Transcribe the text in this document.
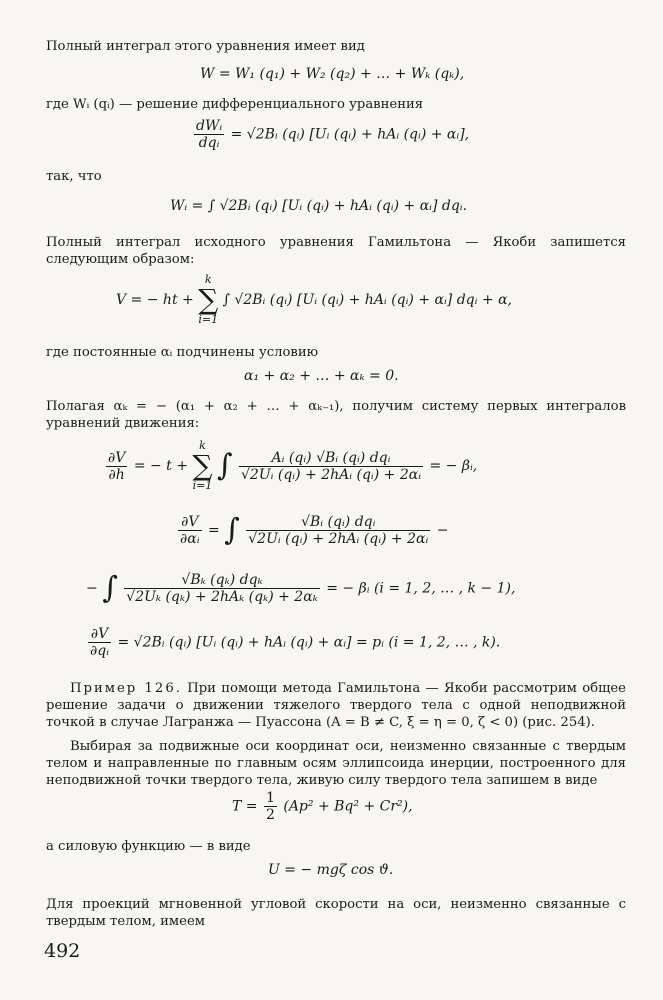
Полный интеграл этого уравнения имеет вид
W = W₁ (q₁) + W₂ (q₂) + … + Wₖ (qₖ),
где Wᵢ (qᵢ) — решение дифференциального уравнения
$\frac{\text{dWᵢ}}{\text{dqᵢ}}$ = √2Bᵢ (qᵢ) [Uᵢ (qᵢ) + hAᵢ (qᵢ) + αᵢ],
так, что
Wᵢ = ∫ √2Bᵢ (qᵢ) [Uᵢ (qᵢ) + hAᵢ (qᵢ) + αᵢ] dqᵢ.
Полный интеграл исходного уравнения Гамильтона — Якоби запишется следующим образом:
V = − ht + k
∑
i=1 ∫ √2Bᵢ (qᵢ) [Uᵢ (qᵢ) + hAᵢ (qᵢ) + αᵢ] dqᵢ + α,
где постоянные αᵢ подчинены условию
α₁ + α₂ + … + αₖ = 0.
Полагая αₖ = − (α₁ + α₂ + … + αₖ₋₁), получим систему первых интегралов уравнений движения:
$\frac{\partial V}{\partial h}$ = − t + k
∑
i=1 ∫ $\frac{\text{Aᵢ (qᵢ) √Bᵢ (qᵢ) dqᵢ}}{\text{√2Uᵢ (qᵢ) + 2hAᵢ (qᵢ) + 2αᵢ}}$ = − βᵢ,
$\frac{\partial V}{\text{∂αᵢ}}$ = ∫ $\frac{\text{√Bᵢ (qᵢ) dqᵢ}}{\text{√2Uᵢ (qᵢ) + 2hAᵢ (qᵢ) + 2αᵢ}}$ −
− ∫ $\frac{\text{√Bₖ (qₖ) dqₖ}}{\text{√2Uₖ (qₖ) + 2hAₖ (qₖ) + 2αₖ}}$ = − βᵢ (i = 1, 2, … , k − 1),
$\frac{\partial V}{\text{∂qᵢ}}$ = √2Bᵢ (qᵢ) [Uᵢ (qᵢ) + hAᵢ (qᵢ) + αᵢ] = pᵢ (i = 1, 2, … , k).
Пример 126. При помощи метода Гамильтона — Якоби рассмотрим общее решение задачи о движении тяжелого твердого тела с одной неподвижной точкой в случае Лагранжа — Пуассона (A = B ≠ C, ξ = η = 0, ζ < 0) (рис. 254).
Выбирая за подвижные оси координат оси, неизменно связанные с твердым телом и направленные по главным осям эллипсоида инерции, построенного для неподвижной точки твердого тела, живую силу твердого тела запишем в виде
$T = \frac{1}{2} (Ap^2 + Bq^2 + Cr^2)$,
а силовую функцию — в виде
U = − mgζ cos ϑ.
Для проекций мгновенной угловой скорости на оси, неизменно связанные с твердым телом, имеем
492
